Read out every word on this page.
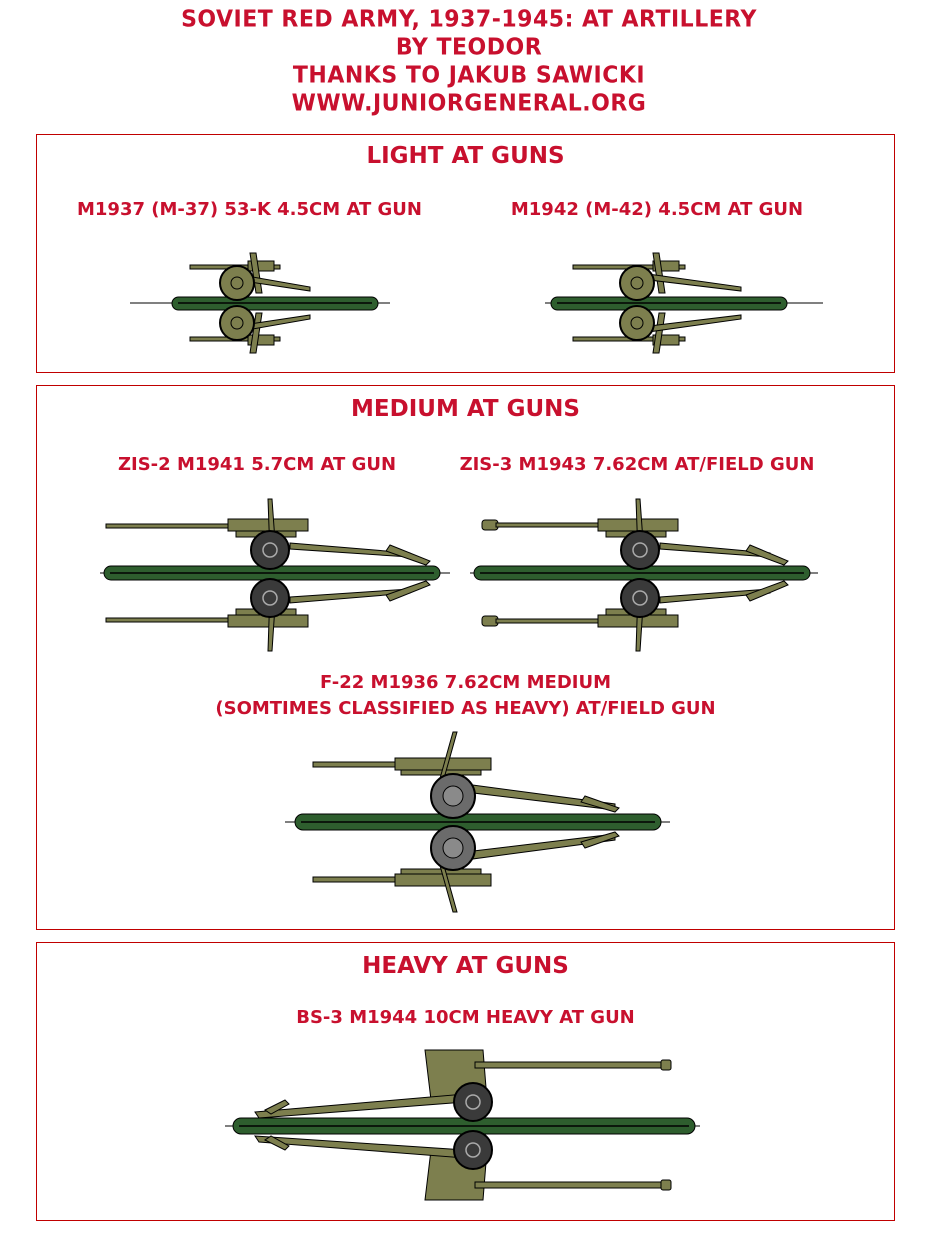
SOVIET RED ARMY, 1937-1945: AT ARTILLERY
BY TEODOR
THANKS TO JAKUB SAWICKI
WWW.JUNIORGENERAL.ORG
LIGHT AT GUNS
M1937 (M-37) 53-K 4.5CM AT GUN	M1942 (M-42) 4.5CM AT GUN
MEDIUM AT GUNS
ZIS-2 M1941 5.7CM AT GUN	ZIS-3 M1943 7.62CM AT/FIELD GUN
F-22 M1936 7.62CM MEDIUM
(SOMTIMES CLASSIFIED AS HEAVY) AT/FIELD GUN
HEAVY AT GUNS
BS-3 M1944 10CM HEAVY AT GUN
